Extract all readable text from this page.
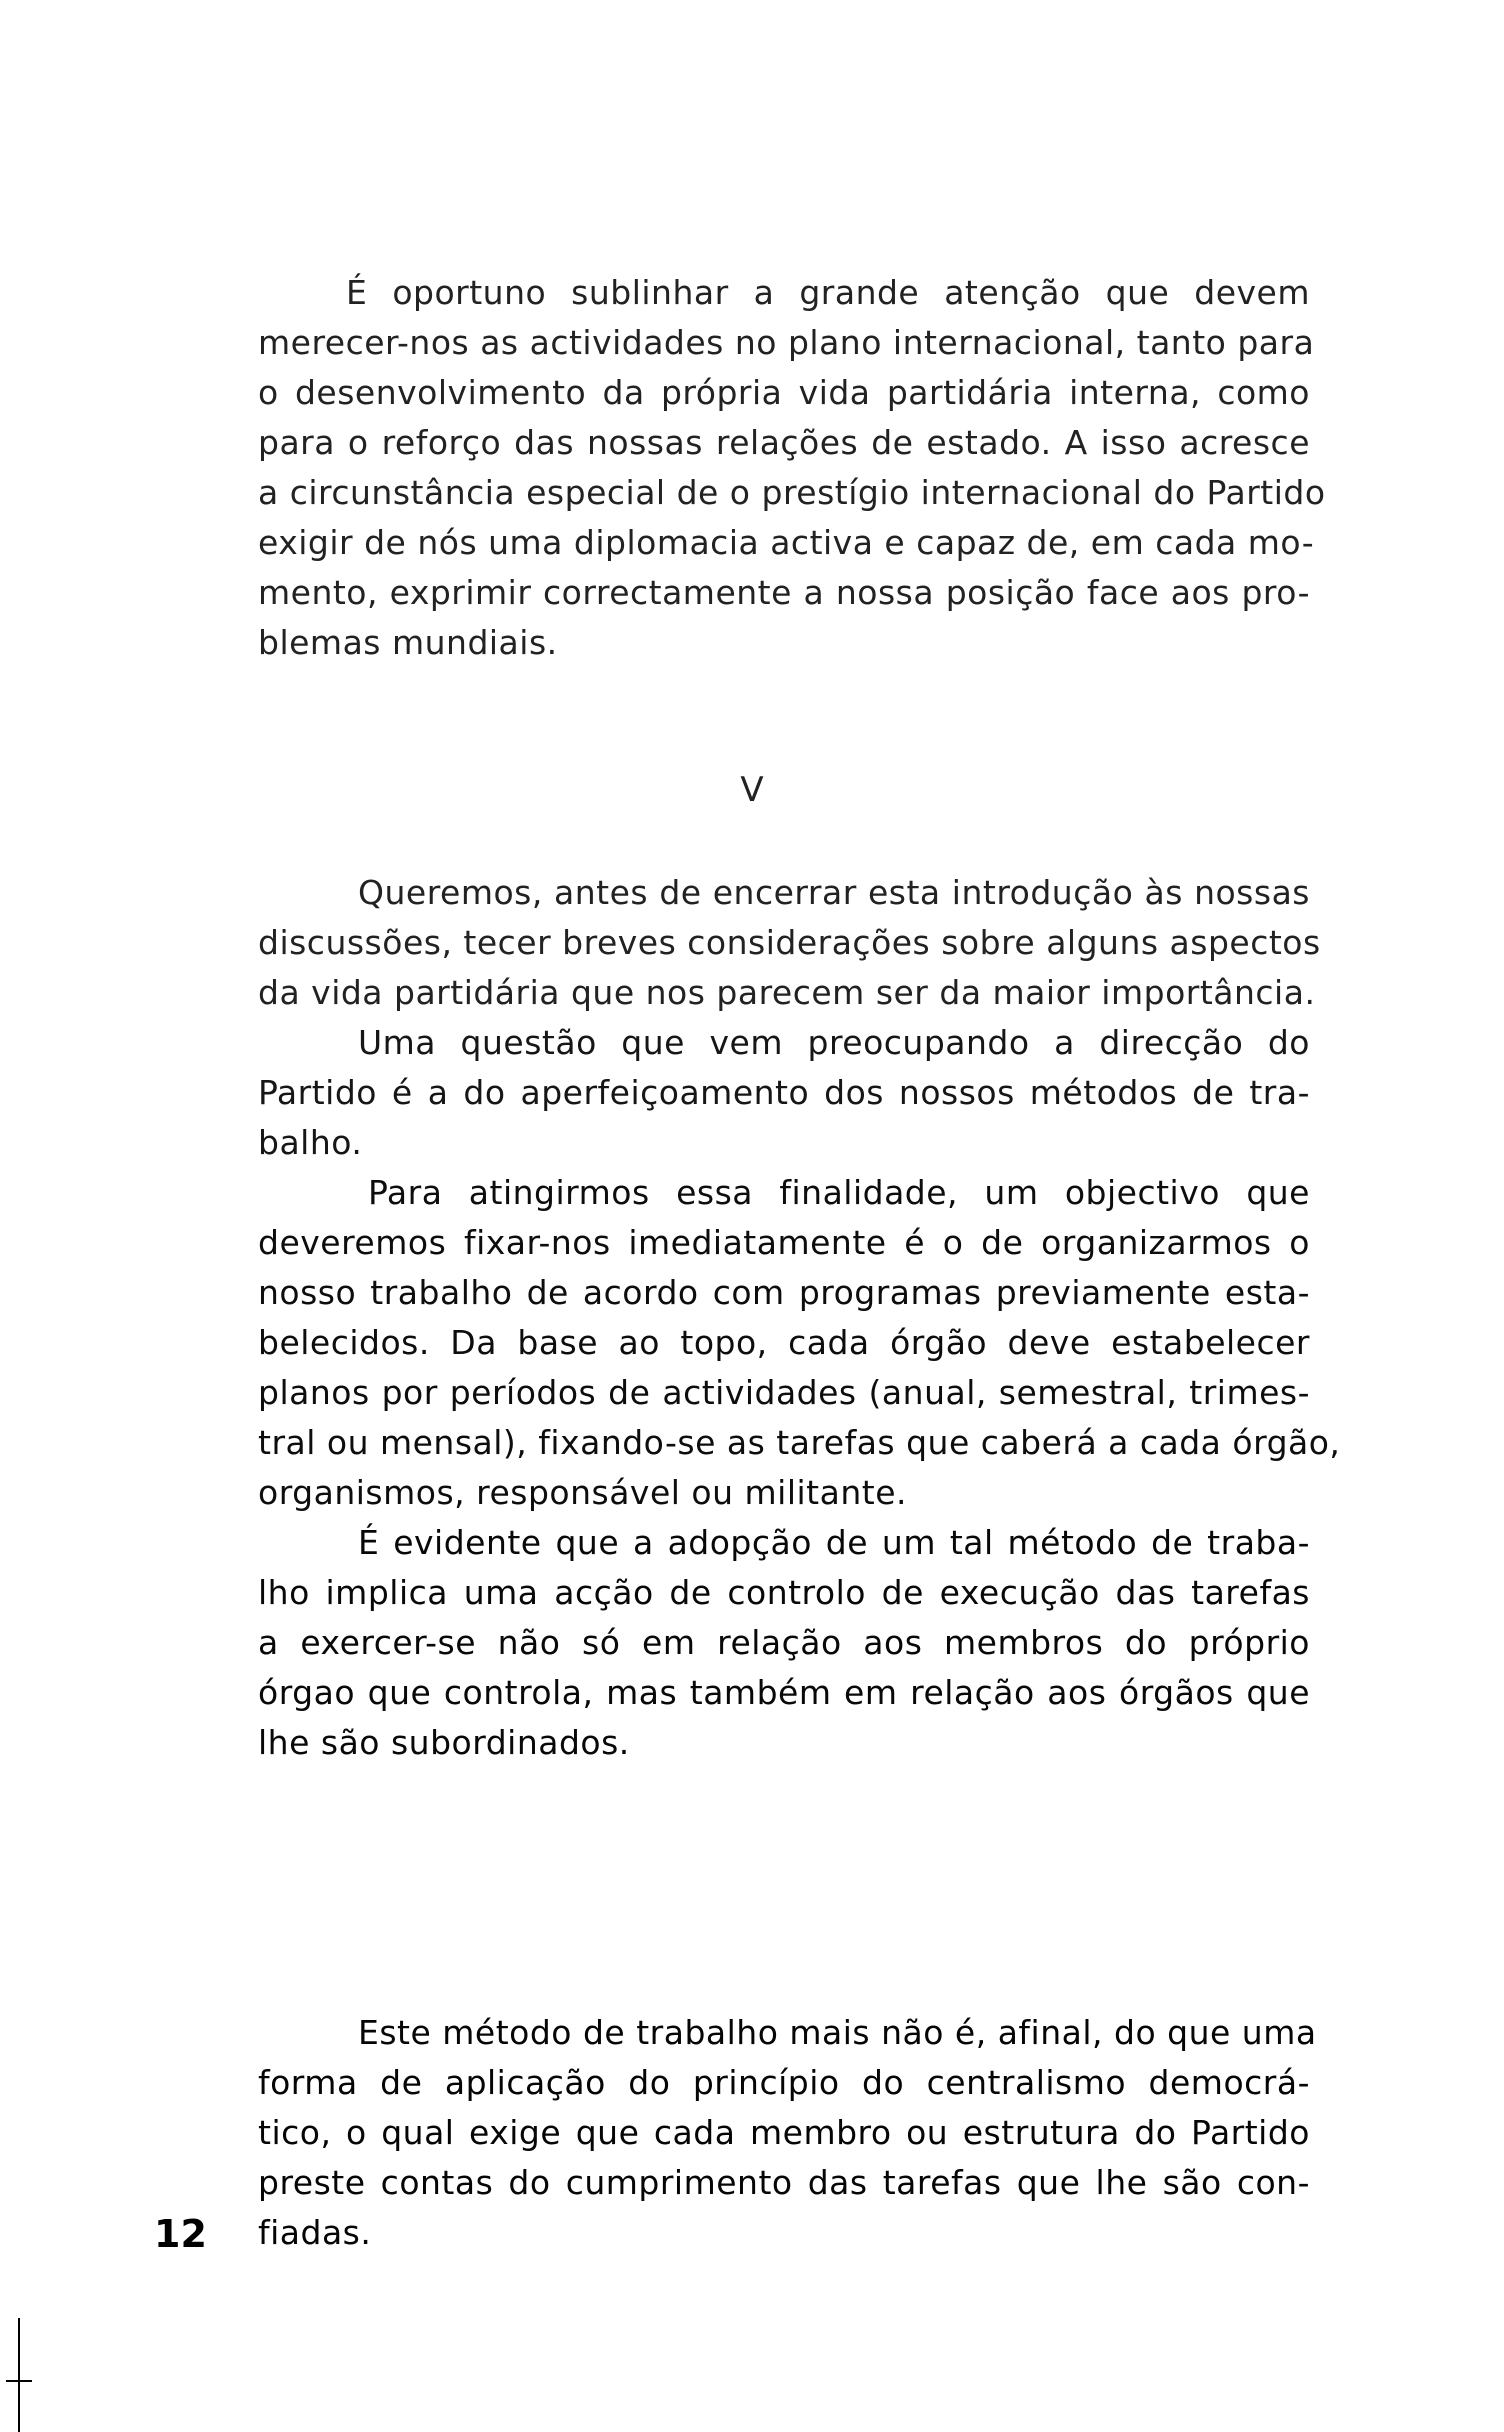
É oportuno sublinhar a grande atenção que devem
merecer-nos as actividades no plano internacional, tanto para
o desenvolvimento da própria vida partidária interna, como
para o reforço das nossas relações de estado. A isso acresce
a circunstância especial de o prestígio internacional do Partido
exigir de nós uma diplomacia activa e capaz de, em cada mo-
mento, exprimir correctamente a nossa posição face aos pro-
blemas mundiais.
V
Queremos, antes de encerrar esta introdução às nossas
discussões, tecer breves considerações sobre alguns aspectos
da vida partidária que nos parecem ser da maior importância.
Uma questão que vem preocupando a direcção do
Partido é a do aperfeiçoamento dos nossos métodos de tra-
balho.
Para atingirmos essa finalidade, um objectivo que
deveremos fixar-nos imediatamente é o de organizarmos o
nosso trabalho de acordo com programas previamente esta-
belecidos. Da base ao topo, cada órgão deve estabelecer
planos por períodos de actividades (anual, semestral, trimes-
tral ou mensal), fixando-se as tarefas que caberá a cada órgão,
organismos, responsável ou militante.
É evidente que a adopção de um tal método de traba-
lho implica uma acção de controlo de execução das tarefas
a exercer-se não só em relação aos membros do próprio
órgao que controla, mas também em relação aos órgãos que
lhe são subordinados.
Este método de trabalho mais não é, afinal, do que uma
forma de aplicação do princípio do centralismo democrá-
tico, o qual exige que cada membro ou estrutura do Partido
preste contas do cumprimento das tarefas que lhe são con-
fiadas.
12
